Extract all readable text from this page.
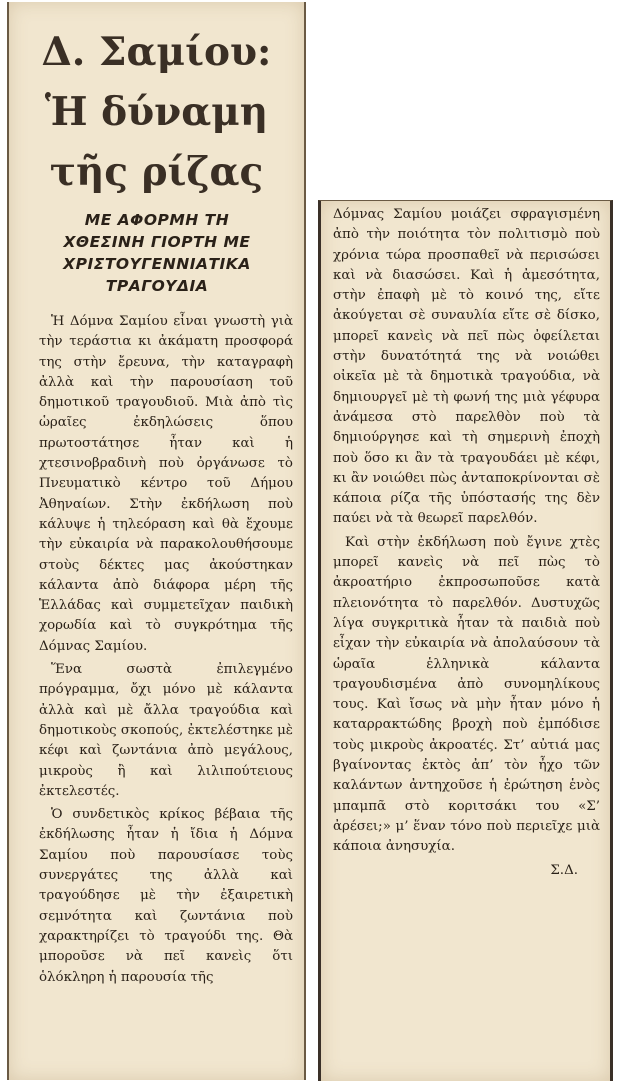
Δ. Σαμίου:
Ἡ δύναμη
τῆς ρίζας
ΜΕ ΑΦΟΡΜΗ ΤΗ
ΧΘΕΣΙΝΗ ΓΙΟΡΤΗ ΜΕ
ΧΡΙΣΤΟΥΓΕΝΝΙΑΤΙΚΑ
ΤΡΑΓΟΥΔΙΑ

Ἡ Δόμνα Σαμίου εἶναι γνωστὴ γιὰ τὴν τεράστια κι ἀκάματη προσφορά της στὴν ἔρευνα, τὴν καταγραφὴ ἀλλὰ καὶ τὴν παρουσίαση τοῦ δημοτικοῦ τραγουδιοῦ. Μιὰ ἀπὸ τὶς ὡραῖες ἐκδηλώσεις ὅπου πρωτοστάτησε ἦταν καὶ ἡ χτεσινοβραδινὴ ποὺ ὀργάνωσε τὸ Πνευματικὸ κέντρο τοῦ Δήμου Ἀθηναίων. Στὴν ἐκδήλωση ποὺ κάλυψε ἡ τηλεόραση καὶ θὰ ἔχουμε τὴν εὐκαιρία νὰ παρακολουθήσουμε στοὺς δέκτες μας ἀκούστηκαν κάλαντα ἀπὸ διάφορα μέρη τῆς Ἑλλάδας καὶ συμμετεῖχαν παιδικὴ χορωδία καὶ τὸ συγκρότημα τῆς Δόμνας Σαμίου.

Ἕνα σωστὰ ἐπιλεγμένο πρόγραμμα, ὄχι μόνο μὲ κάλαντα ἀλλὰ καὶ μὲ ἄλλα τραγούδια καὶ δημοτικοὺς σκοπούς, ἐκτελέστηκε μὲ κέφι καὶ ζωντάνια ἀπὸ μεγάλους, μικροὺς ἢ καὶ λιλιπούτειους ἐκτελεστές.

Ὁ συνδετικὸς κρίκος βέβαια τῆς ἐκδήλωσης ἦταν ἡ ἴδια ἡ Δόμνα Σαμίου ποὺ παρουσίασε τοὺς συνεργάτες της ἀλλὰ καὶ τραγούδησε μὲ τὴν ἐξαιρετικὴ σεμνότητα καὶ ζωντάνια ποὺ χαρακτηρίζει τὸ τραγούδι της. Θὰ μποροῦσε νὰ πεῖ κανεὶς ὅτι ὁλόκληρη ἡ παρουσία τῆς

Δόμνας Σαμίου μοιάζει σφραγισμένη ἀπὸ τὴν ποιότητα τὸν πολιτισμὸ ποὺ χρόνια τώρα προσπαθεῖ νὰ περισώσει καὶ νὰ διασώσει. Καὶ ἡ ἀμεσότητα, στὴν ἐπαφὴ μὲ τὸ κοινό της, εἴτε ἀκούγεται σὲ συναυλία εἴτε σὲ δίσκο, μπορεῖ κανεὶς νὰ πεῖ πὼς ὀφείλεται στὴν δυνατότητά της νὰ νοιώθει οἰκεῖα μὲ τὰ δημοτικὰ τραγούδια, νὰ δημιουργεῖ μὲ τὴ φωνή της μιὰ γέφυρα ἀνάμεσα στὸ παρελθὸν ποὺ τὰ δημιούργησε καὶ τὴ σημερινὴ ἐποχὴ ποὺ ὅσο κι ἂν τὰ τραγουδάει μὲ κέφι, κι ἂν νοιώθει πὼς ἀνταποκρίνονται σὲ κάποια ρίζα τῆς ὑπόστασής της δὲν παύει νὰ τὰ θεωρεῖ παρελθόν.

Καὶ στὴν ἐκδήλωση ποὺ ἔγινε χτὲς μπορεῖ κανεὶς νὰ πεῖ πὼς τὸ ἀκροατήριο ἐκπροσωποῦσε κατὰ πλειονότητα τὸ παρελθόν. Δυστυχῶς λίγα συγκριτικὰ ἦταν τὰ παιδιὰ ποὺ εἶχαν τὴν εὐκαιρία νὰ ἀπολαύσουν τὰ ὡραῖα ἑλληνικὰ κάλαντα τραγουδισμένα ἀπὸ συνομηλίκους τους. Καὶ ἴσως νὰ μὴν ἦταν μόνο ἡ καταρρακτώδης βροχὴ ποὺ ἐμπόδισε τοὺς μικροὺς ἀκροατές. Στ’ αὐτιά μας βγαίνοντας ἐκτὸς ἀπ’ τὸν ἦχο τῶν καλάντων ἀντηχοῦσε ἡ ἐρώτηση ἑνὸς μπαμπᾶ στὸ κοριτσάκι του «Σ’ ἀρέσει;» μ’ ἕναν τόνο ποὺ περιεῖχε μιὰ κάποια ἀνησυχία.

Σ.Δ.
